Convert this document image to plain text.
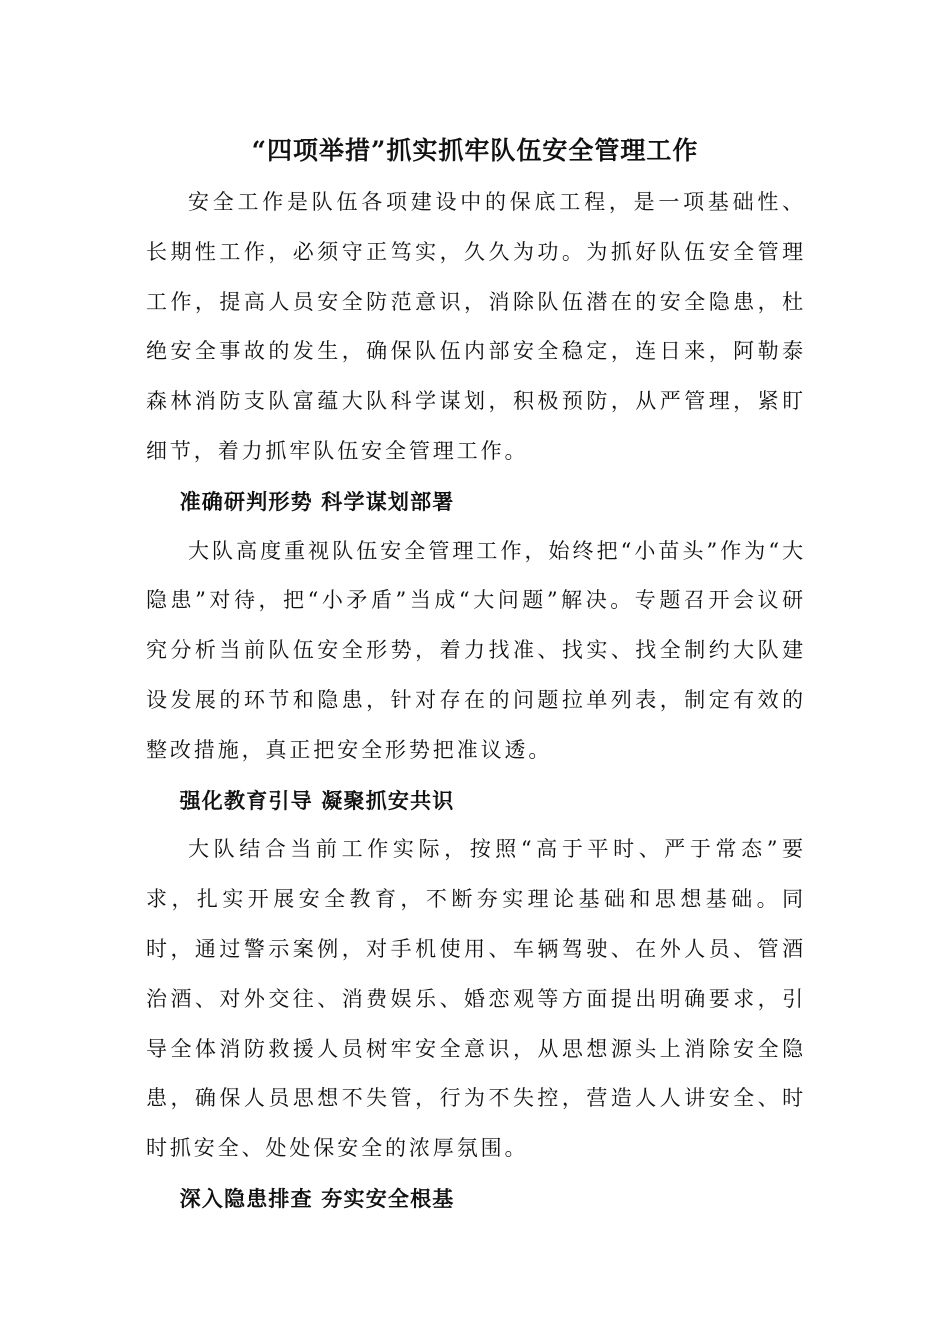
“四项举措”抓实抓牢队伍安全管理工作

安全工作是队伍各项建设中的保底工程，是一项基础性、长期性工作，必须守正笃实，久久为功。为抓好队伍安全管理工作，提高人员安全防范意识，消除队伍潜在的安全隐患，杜绝安全事故的发生，确保队伍内部安全稳定，连日来，阿勒泰森林消防支队富蕴大队科学谋划，积极预防，从严管理，紧盯细节，着力抓牢队伍安全管理工作。

准确研判形势 科学谋划部署

大队高度重视队伍安全管理工作，始终把“小苗头”作为“大隐患”对待，把“小矛盾”当成“大问题”解决。专题召开会议研究分析当前队伍安全形势，着力找准、找实、找全制约大队建设发展的环节和隐患，针对存在的问题拉单列表，制定有效的整改措施，真正把安全形势把准议透。

强化教育引导 凝聚抓安共识

大队结合当前工作实际，按照“高于平时、严于常态”要求，扎实开展安全教育，不断夯实理论基础和思想基础。同时，通过警示案例，对手机使用、车辆驾驶、在外人员、管酒治酒、对外交往、消费娱乐、婚恋观等方面提出明确要求，引导全体消防救援人员树牢安全意识，从思想源头上消除安全隐患，确保人员思想不失管，行为不失控，营造人人讲安全、时时抓安全、处处保安全的浓厚氛围。

深入隐患排查 夯实安全根基
